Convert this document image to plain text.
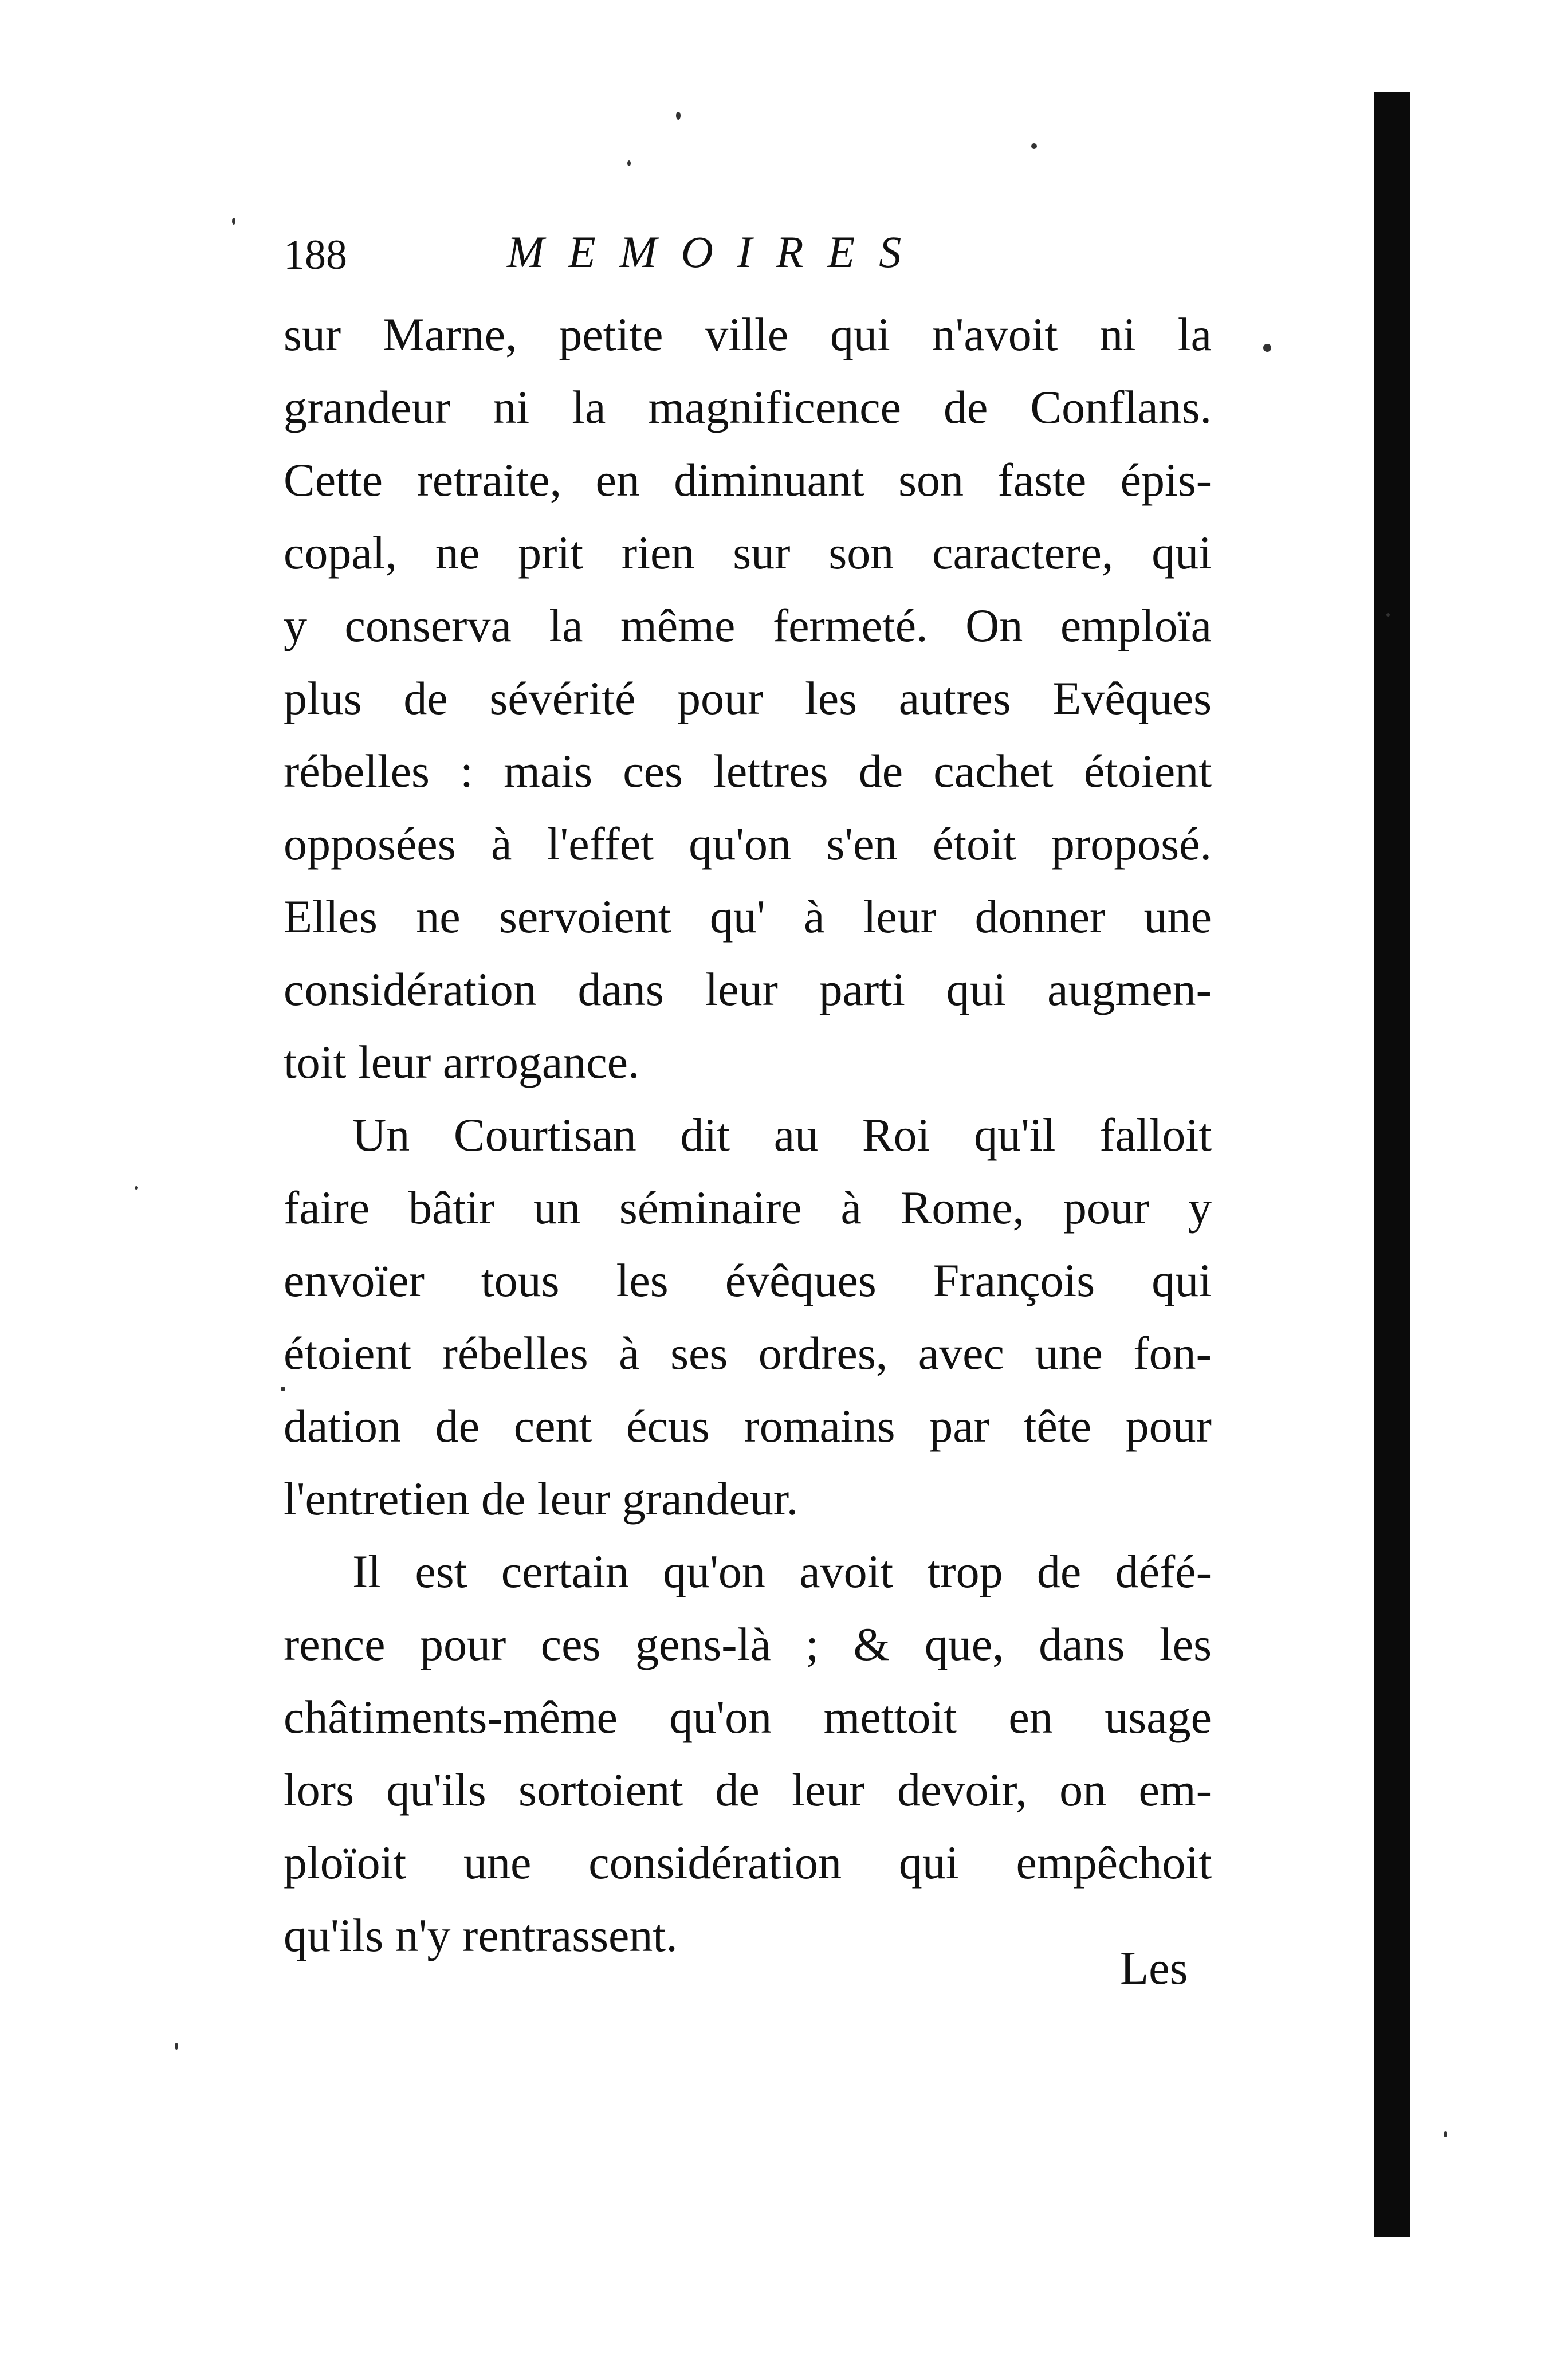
188	MEMOIRES
sur Marne, petite ville qui n'avoit ni la
grandeur ni la magnificence de Conflans.
Cette retraite, en diminuant son faste épis-
copal, ne prit rien sur son caractere, qui
y conserva la même fermeté. On emploïa
plus de sévérité pour les autres Evêques
rébelles : mais ces lettres de cachet étoient
opposées à l'effet qu'on s'en étoit proposé.
Elles ne servoient qu' à leur donner une
considération dans leur parti qui augmen-
toit leur arrogance.
Un Courtisan dit au Roi qu'il falloit
faire bâtir un séminaire à Rome, pour y
envoïer tous les évêques François qui
étoient rébelles à ses ordres, avec une fon-
dation de cent écus romains par tête pour
l'entretien de leur grandeur.
Il est certain qu'on avoit trop de défé-
rence pour ces gens-là ; & que, dans les
châtiments-même qu'on mettoit en usage
lors qu'ils sortoient de leur devoir, on em-
ploïoit une considération qui empêchoit
qu'ils n'y rentrassent.
Les
